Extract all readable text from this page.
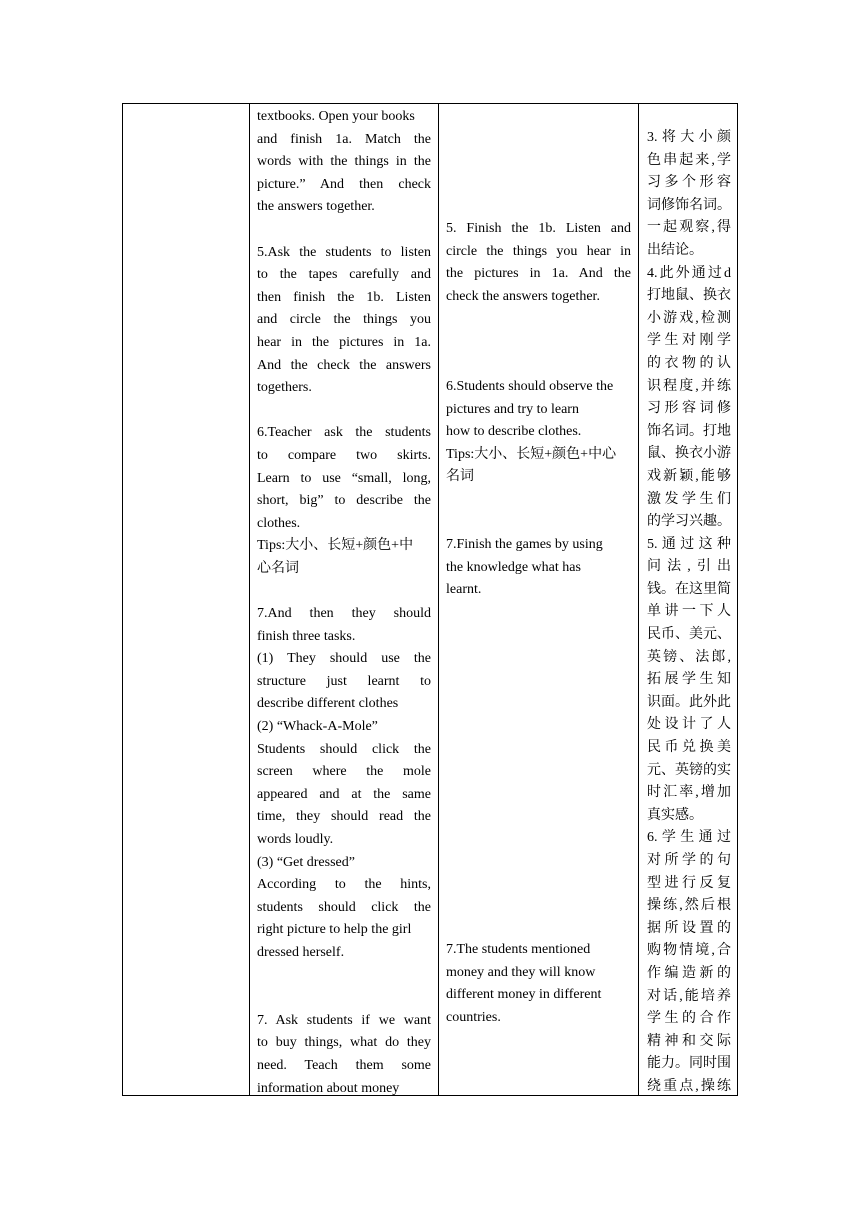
textbooks. Open your books
and finish 1a. Match the
words with the things in the
picture.” And then check
the answers together.
5.Ask the students to listen
to the tapes carefully and
then finish the 1b. Listen
and circle the things you
hear in the pictures in 1a.
And the check the answers
togethers.
6.Teacher ask the students
to compare two skirts.
Learn to use “small, long,
short, big” to describe the
clothes.
Tips:大小、长短+颜色+中
心名词
7.And then they should
finish three tasks.
(1) They should use the
structure just learnt to
describe different clothes
(2) “Whack-A-Mole”
Students should click the
screen where the mole
appeared and at the same
time, they should read the
words loudly.
(3) “Get dressed”
According to the hints,
students should click the
right picture to help the girl
dressed herself.
7. Ask students if we want
to buy things, what do they
need. Teach them some
information about money
5. Finish the 1b. Listen and
circle the things you hear in
the pictures in 1a. And the
check the answers together.
6.Students should observe the
pictures and try to learn
how to describe clothes.
Tips:大小、长短+颜色+中心
名词
7.Finish the games by using
the knowledge what has
learnt.
7.The students mentioned
money and they will know
different money in different
countries.
3.将大小颜
色串起来,学
习多个形容
词修饰名词。
一起观察,得
出结论。
4.此外通过d
打地鼠、换衣
小游戏,检测
学生对刚学
的衣物的认
识程度,并练
习形容词修
饰名词。打地
鼠、换衣小游
戏新颖,能够
激发学生们
的学习兴趣。
5.通过这种
问法,引出
钱。在这里简
单讲一下人
民币、美元、
英镑、法郎,
拓展学生知
识面。此外此
处设计了人
民币兑换美
元、英镑的实
时汇率,增加
真实感。
6.学生通过
对所学的句
型进行反复
操练,然后根
据所设置的
购物情境,合
作编造新的
对话,能培养
学生的合作
精神和交际
能力。同时围
绕重点,操练
